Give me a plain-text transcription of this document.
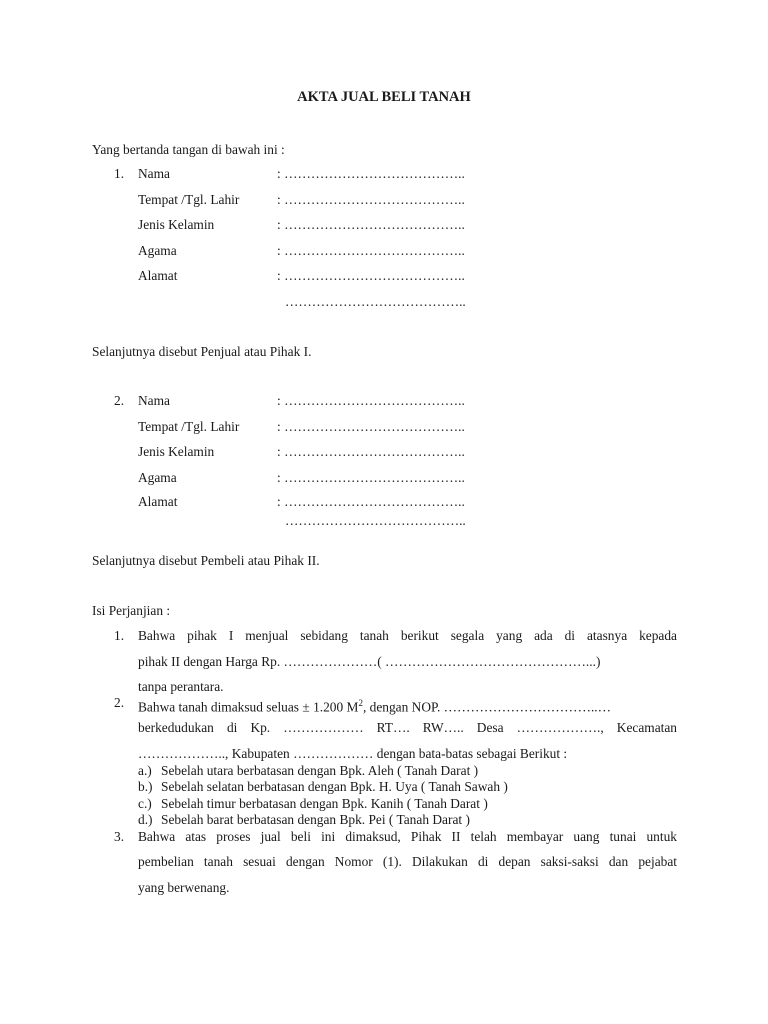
AKTA JUAL BELI TANAH
Yang bertanda tangan di bawah ini :
1. Nama	: …………………………………..
Tempat /Tgl. Lahir	: …………………………………..
Jenis Kelamin	: …………………………………..
Agama	: …………………………………..
Alamat	: …………………………………..
…………………………………..
Selanjutnya disebut Penjual atau Pihak I.
2. Nama	: …………………………………..
Tempat /Tgl. Lahir	: …………………………………..
Jenis Kelamin	: …………………………………..
Agama	: …………………………………..
Alamat	: …………………………………..
…………………………………..
Selanjutnya disebut Pembeli atau Pihak II.
Isi Perjanjian :
1. Bahwa pihak I menjual sebidang tanah berikut segala yang ada di atasnya kepada
pihak II dengan Harga Rp. …………………( ………………………………………...)
tanpa perantara.
2. Bahwa tanah dimaksud seluas ± 1.200 $M^2$, dengan NOP. ……………………………..…
berkedudukan di Kp. ……………… RT…. RW….. Desa ………………., Kecamatan
……………….., Kabupaten ……………… dengan bata-batas sebagai Berikut :
a.) Sebelah utara berbatasan dengan Bpk. Aleh ( Tanah Darat )
b.) Sebelah selatan berbatasan dengan Bpk. H. Uya ( Tanah Sawah )
c.) Sebelah timur berbatasan dengan Bpk. Kanih ( Tanah Darat )
d.) Sebelah barat berbatasan dengan Bpk. Pei ( Tanah Darat )
3. Bahwa atas proses jual beli ini dimaksud, Pihak II telah membayar uang tunai untuk
pembelian tanah sesuai dengan Nomor (1). Dilakukan di depan saksi-saksi dan pejabat
yang berwenang.
